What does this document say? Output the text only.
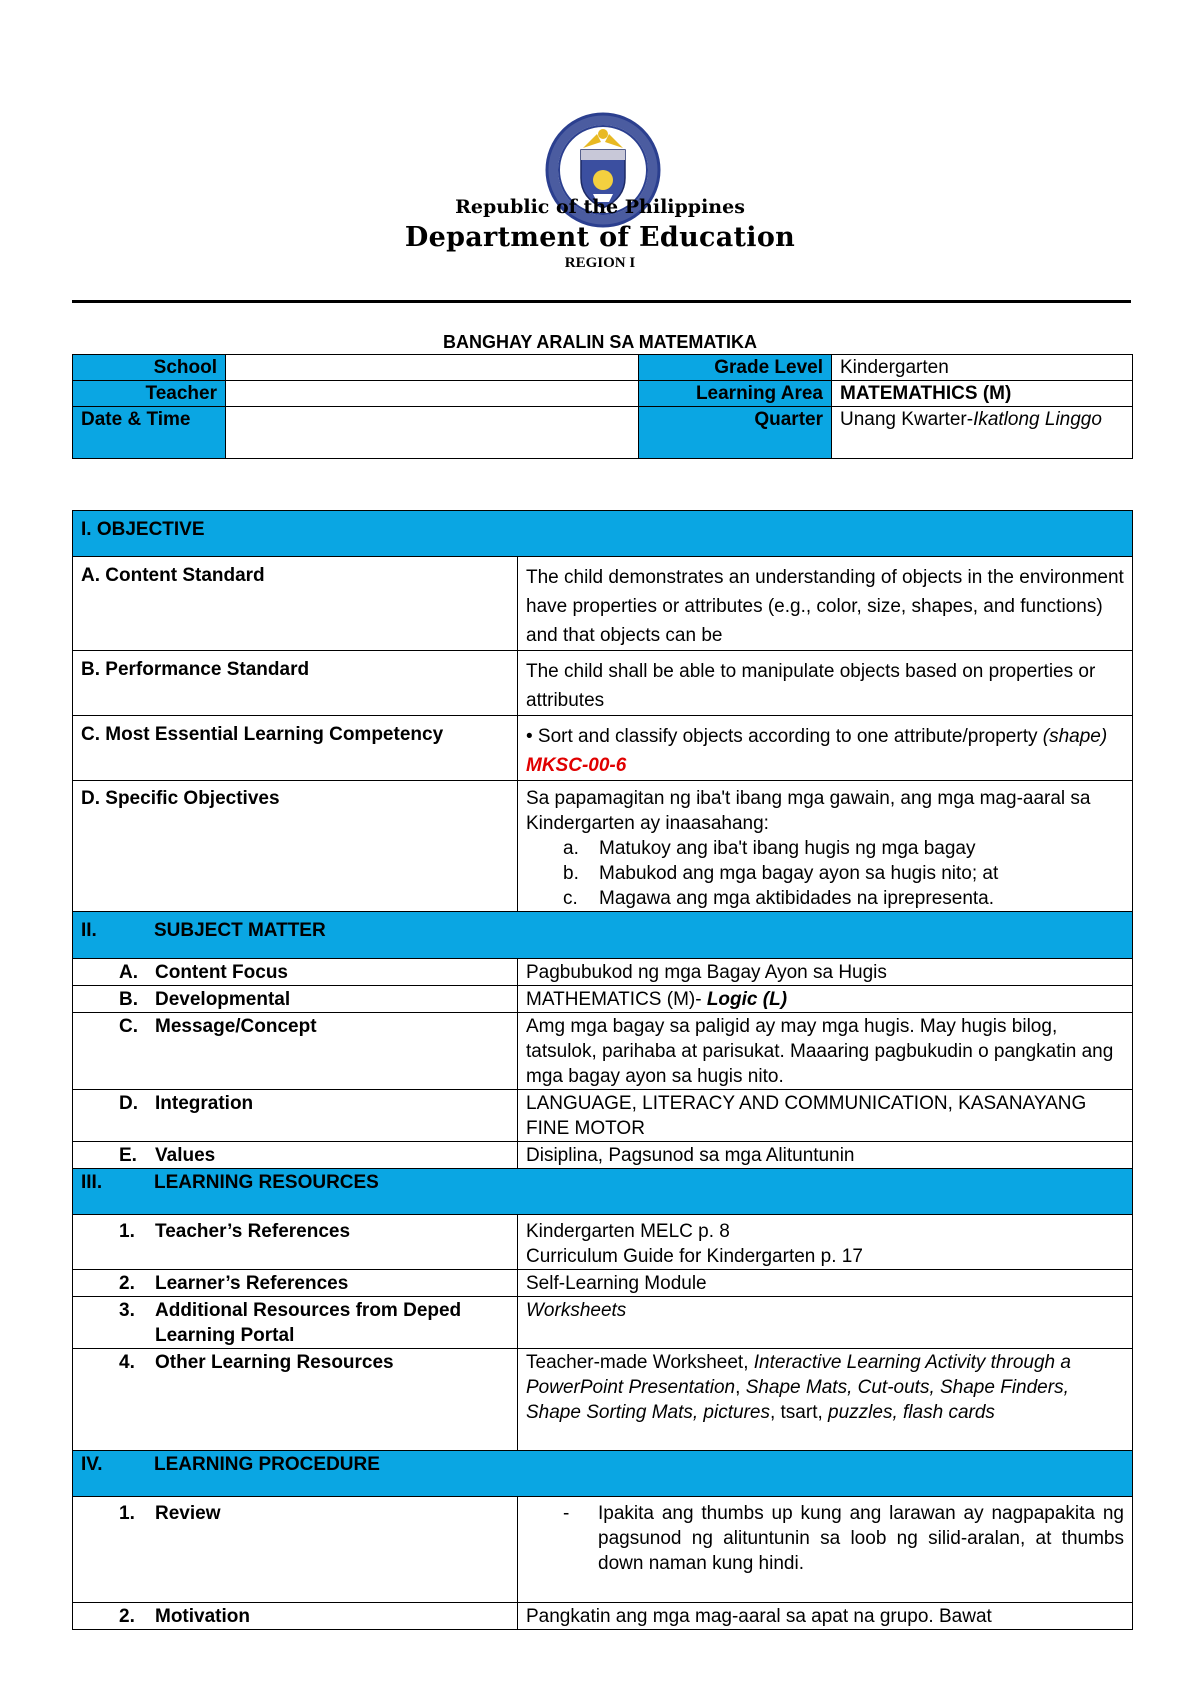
Republic of the Philippines
Department of Education
REGION I
BANGHAY ARALIN SA MATEMATIKA
School		Grade Level	Kindergarten
Teacher		Learning Area	MATEMATHICS (M)
Date & Time		Quarter	Unang Kwarter-Ikatlong Linggo
I. OBJECTIVE	
A. Content Standard	The child demonstrates an understanding of objects in the environment have properties or attributes (e.g., color, size, shapes, and functions) and that objects can be
B. Performance Standard	The child shall be able to manipulate objects based on properties or attributes
C. Most Essential Learning Competency	• Sort and classify objects according to one attribute/property (shape) MKSC-00-6
D. Specific Objectives	Sa papamagitan ng iba't ibang mga gawain, ang mga mag-aaral sa Kindergarten ay inaasahang:
a. Matukoy ang iba't ibang hugis ng mga bagay
b. Mabukod ang mga bagay ayon sa hugis nito; at
c. Magawa ang mga aktibidades na iprepresenta.

II. SUBJECT MATTER	
A. Content Focus	Pagbubukod ng mga Bagay Ayon sa Hugis
B. Developmental	MATHEMATICS (M)- Logic (L)
C. Message/Concept	Amg mga bagay sa paligid ay may mga hugis. May hugis bilog, tatsulok, parihaba at parisukat. Maaaring pagbukudin o pangkatin ang mga bagay ayon sa hugis nito.
D. Integration	LANGUAGE, LITERACY AND COMMUNICATION, KASANAYANG FINE MOTOR
E. Values	Disiplina, Pagsunod sa mga Alituntunin
III. LEARNING RESOURCES	
1. Teacher’s References	Kindergarten MELC p. 8
Curriculum Guide for Kindergarten p. 17

2. Learner’s References	Self-Learning Module

3. Additional Resources from Deped Learning Portal	Worksheets
4. Other Learning Resources	Teacher-made Worksheet, Interactive Learning Activity through a PowerPoint Presentation, Shape Mats, Cut-outs, Shape Finders, Shape Sorting Mats, pictures, tsart, puzzles, flash cards
IV. LEARNING PROCEDURE	
1. Review	- Ipakita ang thumbs up kung ang larawan ay nagpapakita ng pagsunod ng alituntunin sa loob ng silid-aralan, at thumbs down naman kung hindi.

2. Motivation	Pangkatin ang mga mag-aaral sa apat na grupo. Bawat
